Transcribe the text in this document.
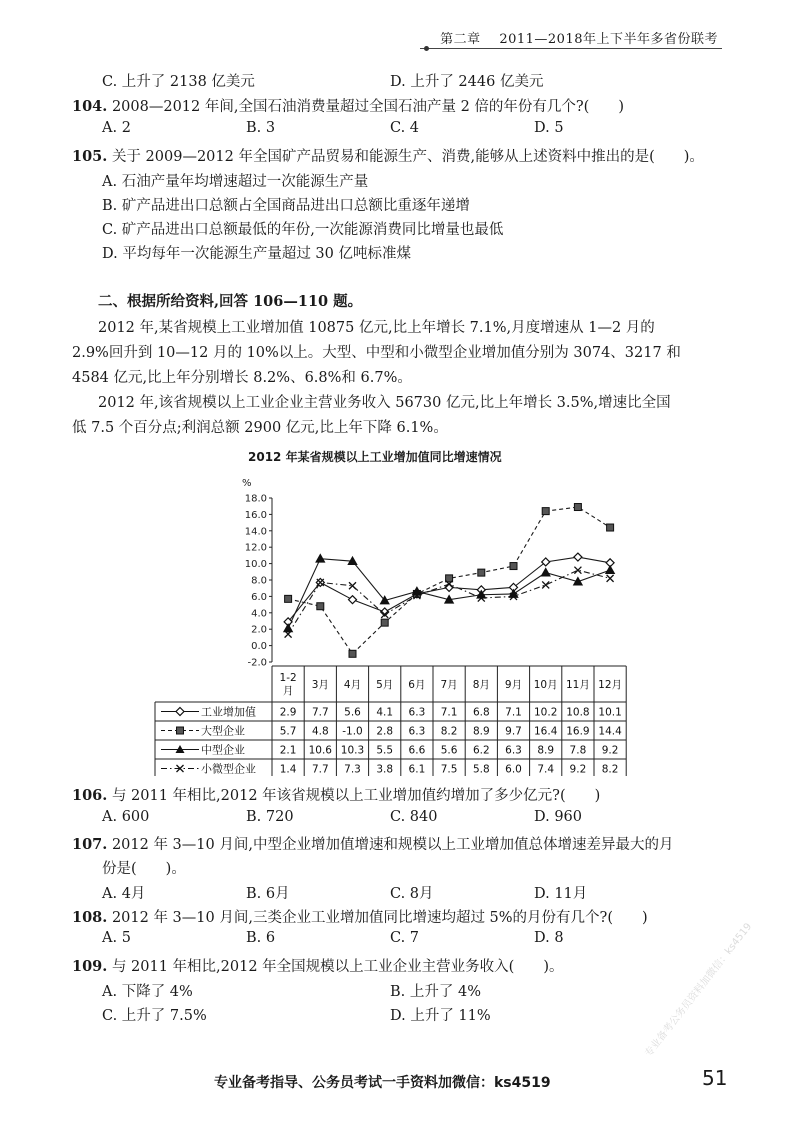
第二章 2011—2018年上下半年多省份联考
C. 上升了 2138 亿美元	D. 上升了 2446 亿美元
104. 2008—2012 年间,全国石油消费量超过全国石油产量 2 倍的年份有几个?(　　)
A. 2	B. 3	C. 4	D. 5
105. 关于 2009—2012 年全国矿产品贸易和能源生产、消费,能够从上述资料中推出的是(　　)。
A. 石油产量年均增速超过一次能源生产量
B. 矿产品进出口总额占全国商品进出口总额比重逐年递增
C. 矿产品进出口总额最低的年份,一次能源消费同比增量也最低
D. 平均每年一次能源生产量超过 30 亿吨标准煤
二、根据所给资料,回答 106—110 题。
2012 年,某省规模上工业增加值 10875 亿元,比上年增长 7.1%,月度增速从 1—2 月的
2.9%回升到 10—12 月的 10%以上。大型、中型和小微型企业增加值分别为 3074、3217 和
4584 亿元,比上年分别增长 8.2%、6.8%和 6.7%。
2012 年,该省规模以上工业企业主营业务收入 56730 亿元,比上年增长 3.5%,增速比全国
低 7.5 个百分点;利润总额 2900 亿元,比上年下降 6.1%。
2012 年某省规模以上工业增加值同比增速情况
%
18.0
16.0
14.0
12.0
10.0
8.0
6.0
4.0
2.0
0.0
-2.0
1-2
月 3月 4月 5月 6月 7月 8月 9月 10月 11月 12月
工业增加值 2.9 7.7 5.6 4.1 6.3 7.1 6.8 7.1 10.2 10.8 10.1
大型企业	5.7 4.8 -1.0 2.8 6.3 8.2 8.9 9.7 16.4 16.9 14.4
中型企业	2.1 10.6 10.3 5.5 6.6 5.6 6.2 6.3 8.9 7.8 9.2
小微型企业 1.4 7.7 7.3 3.8 6.1 7.5 5.8 6.0 7.4 9.2 8.2
106. 与 2011 年相比,2012 年该省规模以上工业增加值约增加了多少亿元?(　　)
A. 600	B. 720	C. 840	D. 960
107. 2012 年 3—10 月间,中型企业增加值增速和规模以上工业增加值总体增速差异最大的月
份是(　　)。
A. 4月	B. 6月	C. 8月	D. 11月
108. 2012 年 3—10 月间,三类企业工业增加值同比增速均超过 5%的月份有几个?(　　)
A. 5	B. 6	C. 7	D. 8
109. 与 2011 年相比,2012 年全国规模以上工业企业主营业务收入(　　)。
A. 下降了 4%	B. 上升了 4%
C. 上升了 7.5%	D. 上升了 11%	专业备考公务员资料加微信：ks4519
专业备考指导、公务员考试一手资料加微信：ks4519	51
